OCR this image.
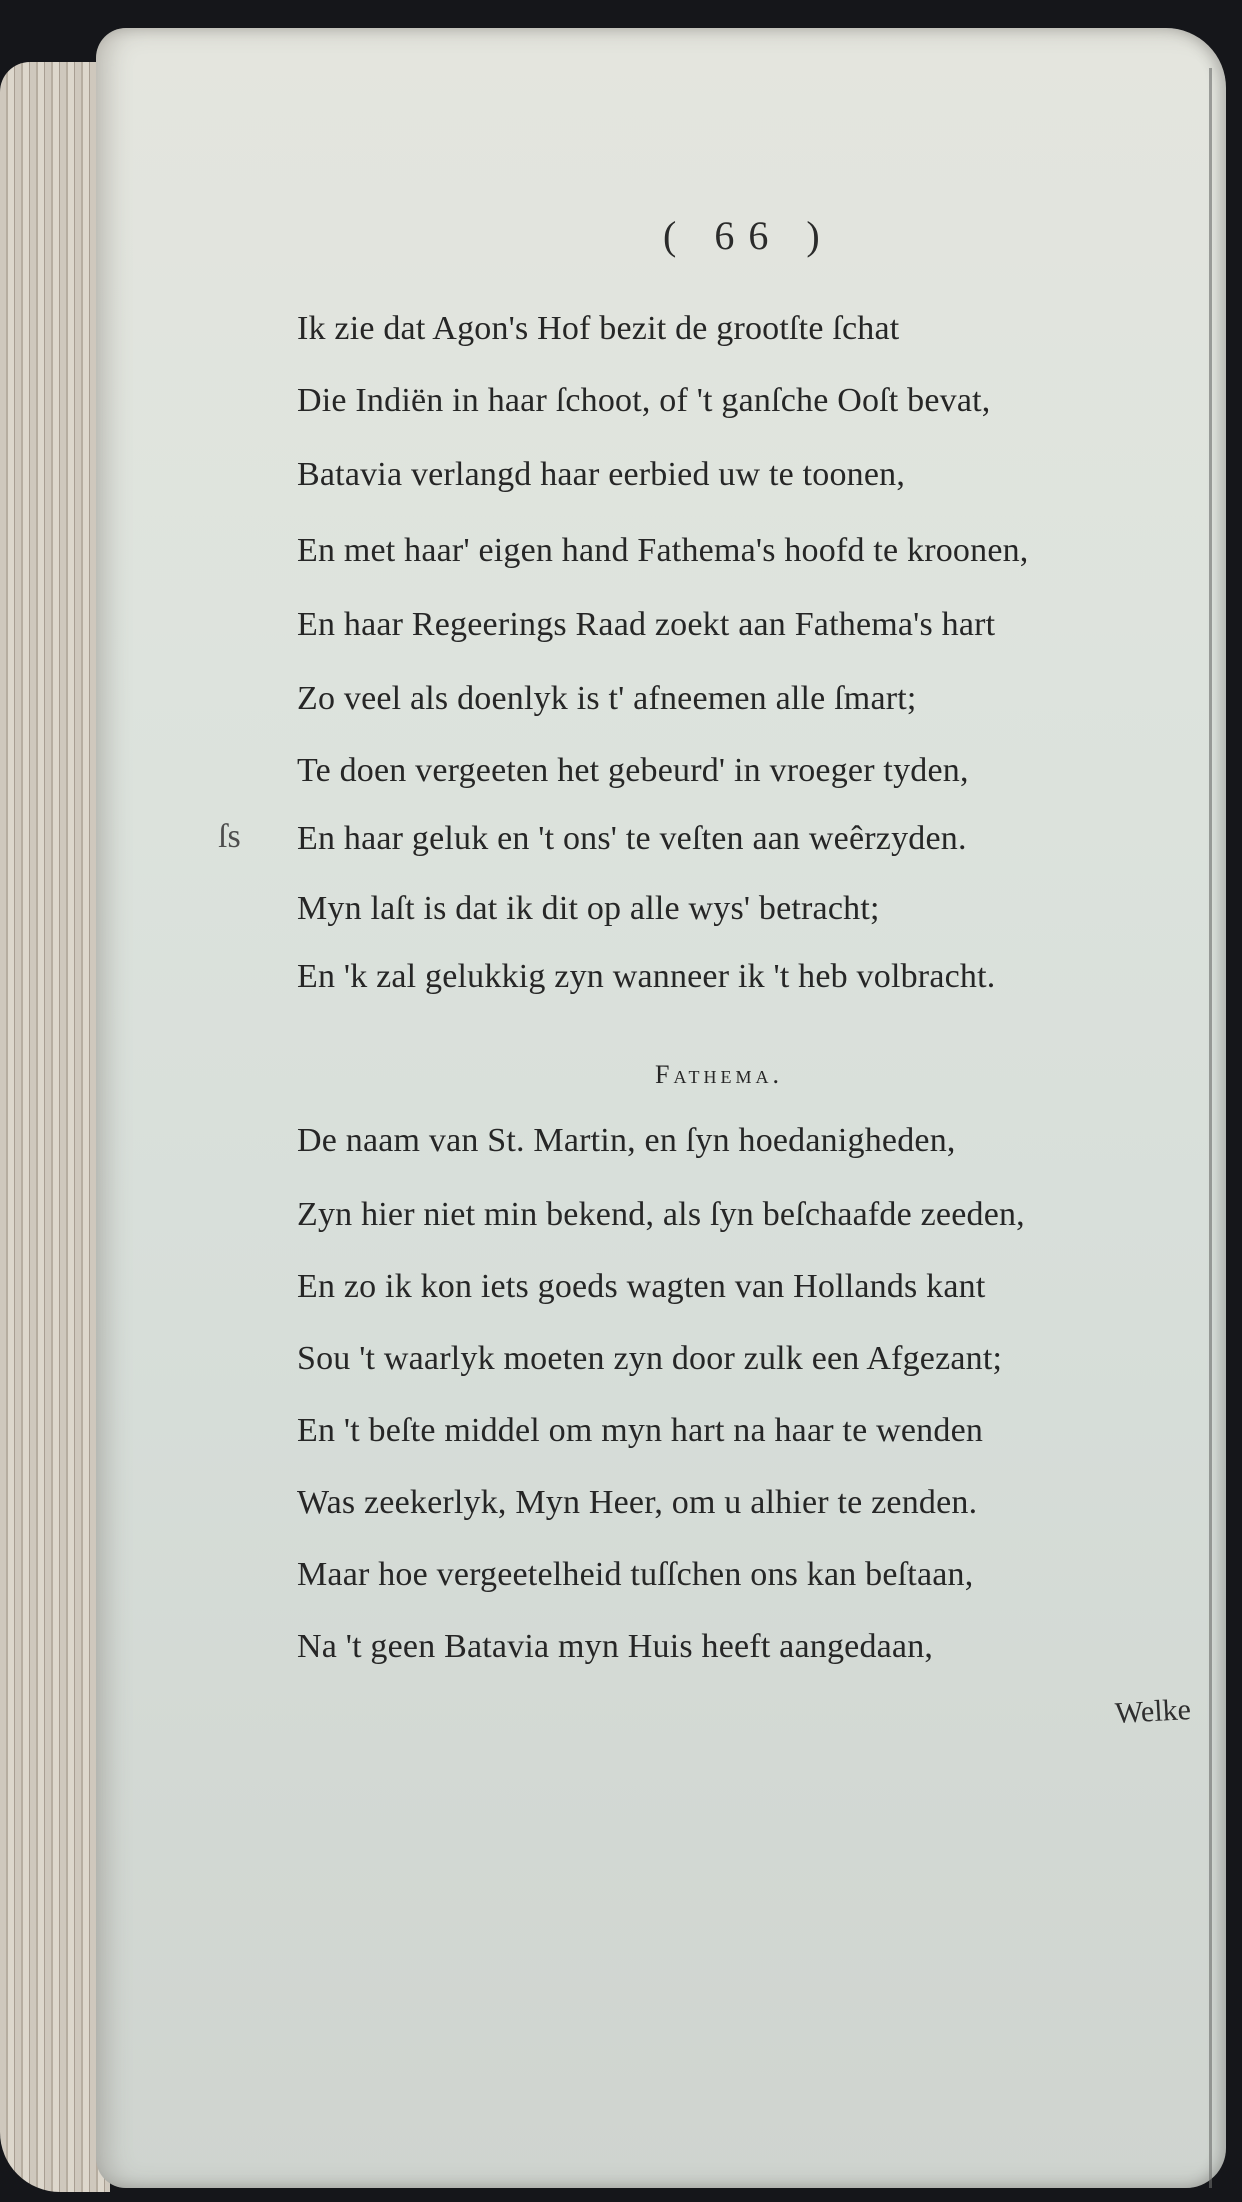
( 66 )
ſs
Ik zie dat Agon's Hof bezit de grootſte ſchat
Die Indiën in haar ſchoot, of 't ganſche Ooſt bevat,
Batavia verlangd haar eerbied uw te toonen,
En met haar' eigen hand Fathema's hoofd te kroonen,
En haar Regeerings Raad zoekt aan Fathema's hart
Zo veel als doenlyk is t' afneemen alle ſmart;
Te doen vergeeten het gebeurd' in vroeger tyden,
En haar geluk en 't ons' te veſten aan weêrzyden.
Myn laſt is dat ik dit op alle wys' betracht;
En 'k zal gelukkig zyn wanneer ik 't heb volbracht.
Fathema.
De naam van St. Martin, en ſyn hoedanigheden,
Zyn hier niet min bekend, als ſyn beſchaafde zeeden,
En zo ik kon iets goeds wagten van Hollands kant
Sou 't waarlyk moeten zyn door zulk een Afgezant;
En 't beſte middel om myn hart na haar te wenden
Was zeekerlyk, Myn Heer, om u alhier te zenden.
Maar hoe vergeetelheid tuſſchen ons kan beſtaan,
Na 't geen Batavia myn Huis heeft aangedaan,
Welke
